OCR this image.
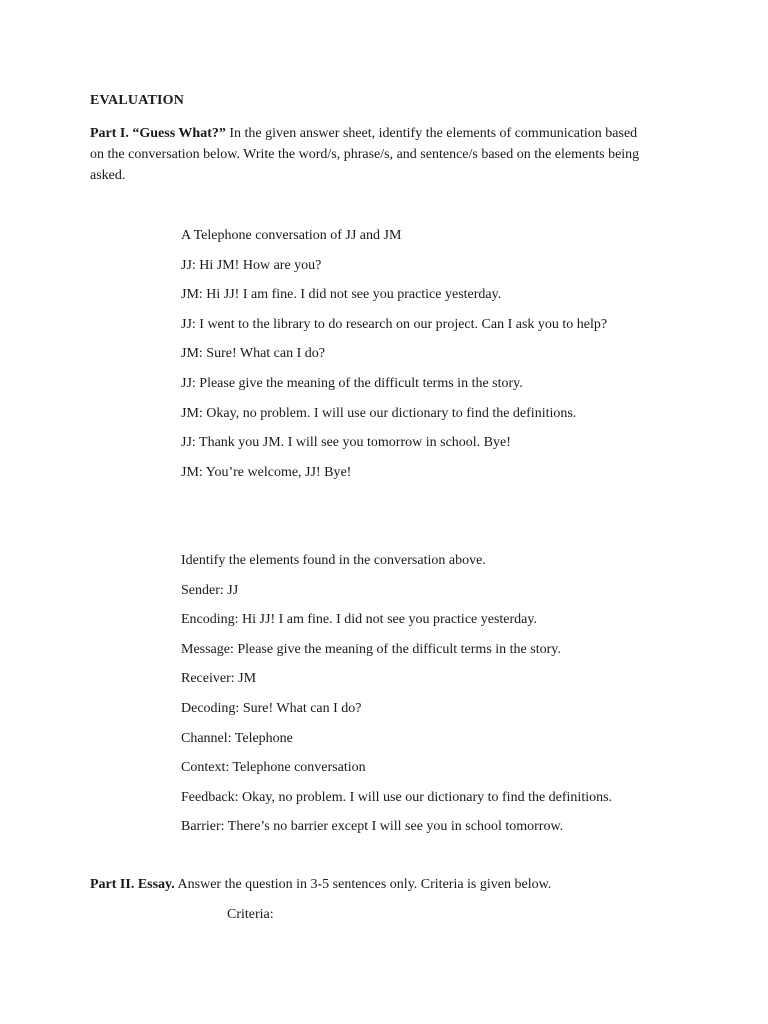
EVALUATION
Part I. “Guess What?” In the given answer sheet, identify the elements of communication based on the conversation below. Write the word/s, phrase/s, and sentence/s based on the elements being asked.
A Telephone conversation of JJ and JM
JJ: Hi JM! How are you?
JM: Hi JJ! I am fine. I did not see you practice yesterday.
JJ: I went to the library to do research on our project. Can I ask you to help?
JM: Sure! What can I do?
JJ: Please give the meaning of the difficult terms in the story.
JM: Okay, no problem. I will use our dictionary to find the definitions.
JJ: Thank you JM. I will see you tomorrow in school. Bye!
JM: You’re welcome, JJ! Bye!
Identify the elements found in the conversation above.
Sender: JJ
Encoding: Hi JJ! I am fine. I did not see you practice yesterday.
Message: Please give the meaning of the difficult terms in the story.
Receiver: JM
Decoding: Sure! What can I do?
Channel: Telephone
Context: Telephone conversation
Feedback: Okay, no problem. I will use our dictionary to find the definitions.
Barrier: There’s no barrier except I will see you in school tomorrow.
Part II. Essay. Answer the question in 3-5 sentences only. Criteria is given below.
Criteria:
